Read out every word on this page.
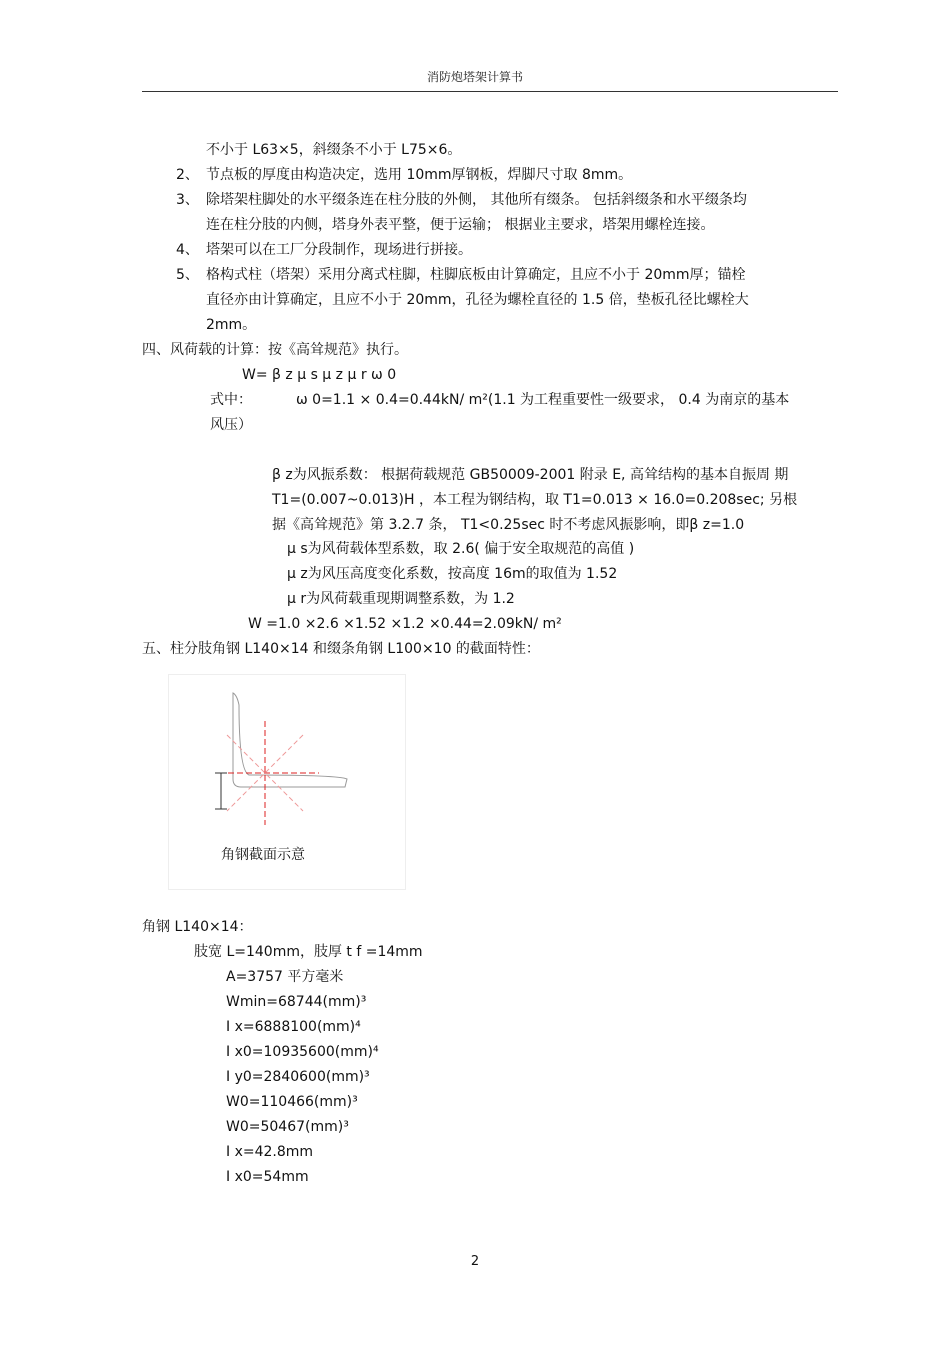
消防炮塔架计算书
不小于 L63×5，斜缀条不小于 L75×6。
2、 节点板的厚度由构造决定，选用 10mm厚钢板，焊脚尺寸取 8mm。
3、 除塔架柱脚处的水平缀条连在柱分肢的外侧， 其他所有缀条。 包括斜缀条和水平缀条均
连在柱分肢的内侧，塔身外表平整，便于运输； 根据业主要求，塔架用螺栓连接。
4、 塔架可以在工厂分段制作，现场进行拼接。
5、 格构式柱（塔架）采用分离式柱脚，柱脚底板由计算确定，且应不小于 20mm厚；锚栓
直径亦由计算确定，且应不小于 20mm，孔径为螺栓直径的 1.5 倍，垫板孔径比螺栓大
2mm。
四、风荷载的计算：按《高耸规范》执行。
W= β z μ s μ z μ r ω 0
式中：	ω 0=1.1 × 0.4=0.44kN/ m²(1.1 为工程重要性一级要求， 0.4 为南京的基本
风压）
β z为风振系数： 根据荷载规范 GB50009-2001 附录 E, 高耸结构的基本自振周 期
T1=(0.007~0.013)H ，本工程为钢结构，取 T1=0.013 × 16.0=0.208sec; 另根
据《高耸规范》第 3.2.7 条， T1<0.25sec 时不考虑风振影响，即β z=1.0
μ s为风荷载体型系数，取 2.6( 偏于安全取规范的高值 )
μ z为风压高度变化系数，按高度 16m的取值为 1.52
μ r为风荷载重现期调整系数，为 1.2
W =1.0 ×2.6 ×1.52 ×1.2 ×0.44=2.09kN/ m²
五、柱分肢角钢 L140×14 和缀条角钢 L100×10 的截面特性：
角钢截面示意
角钢 L140×14：
肢宽 L=140mm，肢厚 t f =14mm
A=3757 平方毫米
Wmin=68744(mm)³
I x=6888100(mm)⁴
I x0=10935600(mm)⁴
I y0=2840600(mm)³
W0=110466(mm)³
W0=50467(mm)³
I x=42.8mm
I x0=54mm
2
